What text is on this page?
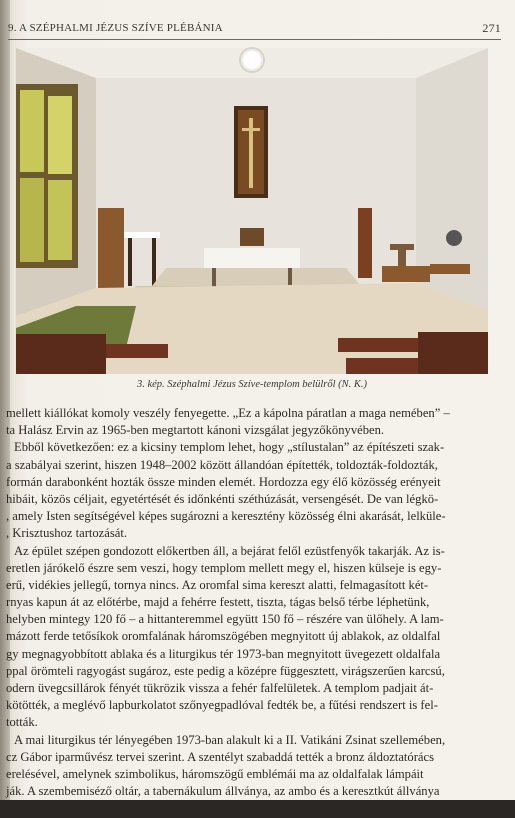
9. A SZÉPHALMI JÉZUS SZÍVE PLÉBÁNIA	271
3. kép. Széphalmi Jézus Szíve-templom belülről (N. K.)
mellett kiállókat komoly veszély fenyegette. „Ez a kápolna páratlan a maga nemében” –
ta Halász Ervin az 1965-ben megtartott kánoni vizsgálat jegyzőkönyvében.
Ebből következően: ez a kicsiny templom lehet, hogy „stílustalan” az építészeti szak-
a szabályai szerint, hiszen 1948–2002 között állandóan építették, toldozták-foldozták,
formán darabonként hozták össze minden elemét. Hordozza egy élő közösség erényeit
hibáit, közös céljait, egyetértését és időnkénti széthúzását, versengését. De van légkö-
, amely Isten segítségével képes sugározni a keresztény közösség élni akarását, lelküle-
, Krisztushoz tartozását.
Az épület szépen gondozott előkertben áll, a bejárat felől ezüstfenyők takarják. Az is-
eretlen járókelő észre sem veszi, hogy templom mellett megy el, hiszen külseje is egy-
erű, vidékies jellegű, tornya nincs. Az oromfal sima kereszt alatti, felmagasított két-
rnyas kapun át az előtérbe, majd a fehérre festett, tiszta, tágas belső térbe léphetünk,
helyben mintegy 120 fő – a hittanteremmel együtt 150 fő – részére van ülőhely. A lam-
mázott ferde tetősíkok oromfalának háromszögében megnyitott új ablakok, az oldalfal
gy megnagyobbított ablaka és a liturgikus tér 1973-ban megnyitott üvegezett oldalfala
ppal örömteli ragyogást sugároz, este pedig a középre függesztett, virágszerűen karcsú,
odern üvegcsillárok fényét tükrözik vissza a fehér falfelületek. A templom padjait át-
kötötték, a meglévő lapburkolatot szőnyegpadlóval fedték be, a fűtési rendszert is fel-
tották.
A mai liturgikus tér lényegében 1973-ban alakult ki a II. Vatikáni Zsinat szellemében,
cz Gábor iparművész tervei szerint. A szentélyt szabaddá tették a bronz áldoztatórács
erelésével, amelynek szimbolikus, háromszögű emblémái ma az oldalfalak lámpáit
ják. A szembemiséző oltár, a tabernákulum állványa, az ambo és a keresztkút állványa
gyfából készült. A túzzománc oltárkép a Megfeszített Krisztust ábrázolja, a tabernáku-
